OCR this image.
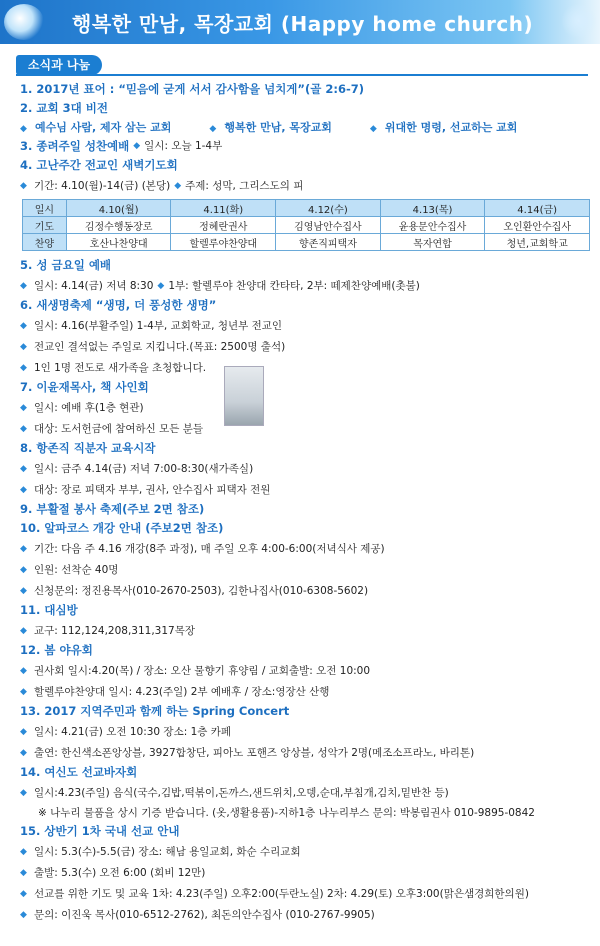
행복한 만남, 목장교회 (Happy home church)
소식과 나눔

1. 2017년 표어 : “믿음에 굳게 서서 감사함을 넘치게”(골 2:6-7)
2. 교회 3대 비전
◆ 예수님 사람, 제자 삼는 교회	◆ 행복한 만남, 목장교회	◆ 위대한 명령, 선교하는 교회
3. 종려주일 성찬예배 ◆ 일시: 오늘 1-4부
4. 고난주간 전교인 새벽기도회
◆ 기간: 4.10(월)-14(금) (본당) ◆ 주제: 성막, 그리스도의 피
일시	4.10(월)	4.11(화)	4.12(수)	4.13(목)	4.14(금)
기도	김정수행동장로	정혜란권사	김영남안수집사	윤용문안수집사	오인환안수집사
찬양	호산나찬양대	할렐루야찬양대	향존직피택자	목자연합	청년,교회학교
5. 성 금요일 예배
◆ 일시: 4.14(금) 저녁 8:30 ◆ 1부: 할렐루야 찬양대 칸타타, 2부: 떼제찬양예배(촛불)
6. 새생명축제 “생명, 더 풍성한 생명”
◆ 일시: 4.16(부활주일) 1-4부, 교회학교, 청년부 전교인
◆ 전교인 결석없는 주일로 지킵니다.(목표: 2500명 출석)
◆ 1인 1명 전도로 새가족을 초청합니다.
7. 이윤재목사, 책 사인회
◆ 일시: 예배 후(1층 현관)
◆ 대상: 도서헌금에 참여하신 모든 분들
8. 항존직 직분자 교육시작
◆ 일시: 금주 4.14(금) 저녁 7:00-8:30(새가족실)
◆ 대상: 장로 피택자 부부, 권사, 안수집사 피택자 전원
9. 부활절 봉사 축제(주보 2면 참조)
10. 알파코스 개강 안내 (주보2면 참조)
◆ 기간: 다음 주 4.16 개강(8주 과정), 매 주일 오후 4:00-6:00(저녁식사 제공)
◆ 인원: 선착순 40명
◆ 신청문의: 정진용목사(010-2670-2503), 김한나집사(010-6308-5602)
11. 대심방
◆ 교구: 112,124,208,311,317목장
12. 봄 야유회
◆ 권사회 일시:4.20(목) / 장소: 오산 물향기 휴양림 / 교회출발: 오전 10:00
◆ 할렐루야찬양대 일시: 4.23(주일) 2부 예배후 / 장소:영장산 산행
13. 2017 지역주민과 함께 하는 Spring Concert
◆ 일시: 4.21(금) 오전 10:30 장소: 1층 카페
◆ 출연: 한신색소폰앙상블, 3927합창단, 피아노 포핸즈 앙상블, 성악가 2명(메조소프라노, 바리톤)
14. 여신도 선교바자회
◆ 일시:4.23(주일) 음식(국수,김밥,떡볶이,돈까스,샌드위치,오뎅,순대,부침개,김치,밑반찬 등)
※ 나누리 물품을 상시 기증 받습니다. (옷,생활용품)-지하1층 나누리부스 문의: 박봉림권사 010-9895-0842
15. 상반기 1차 국내 선교 안내
◆ 일시: 5.3(수)-5.5(금) 장소: 해남 용일교회, 화순 수리교회
◆ 출발: 5.3(수) 오전 6:00 (회비 12만)
◆ 선교를 위한 기도 및 교육 1차: 4.23(주일) 오후2:00(두란노실) 2차: 4.29(토) 오후3:00(맑은샘경희한의원)
◆ 문의: 이진욱 목사(010-6512-2762), 최돈의안수집사 (010-2767-9905)
